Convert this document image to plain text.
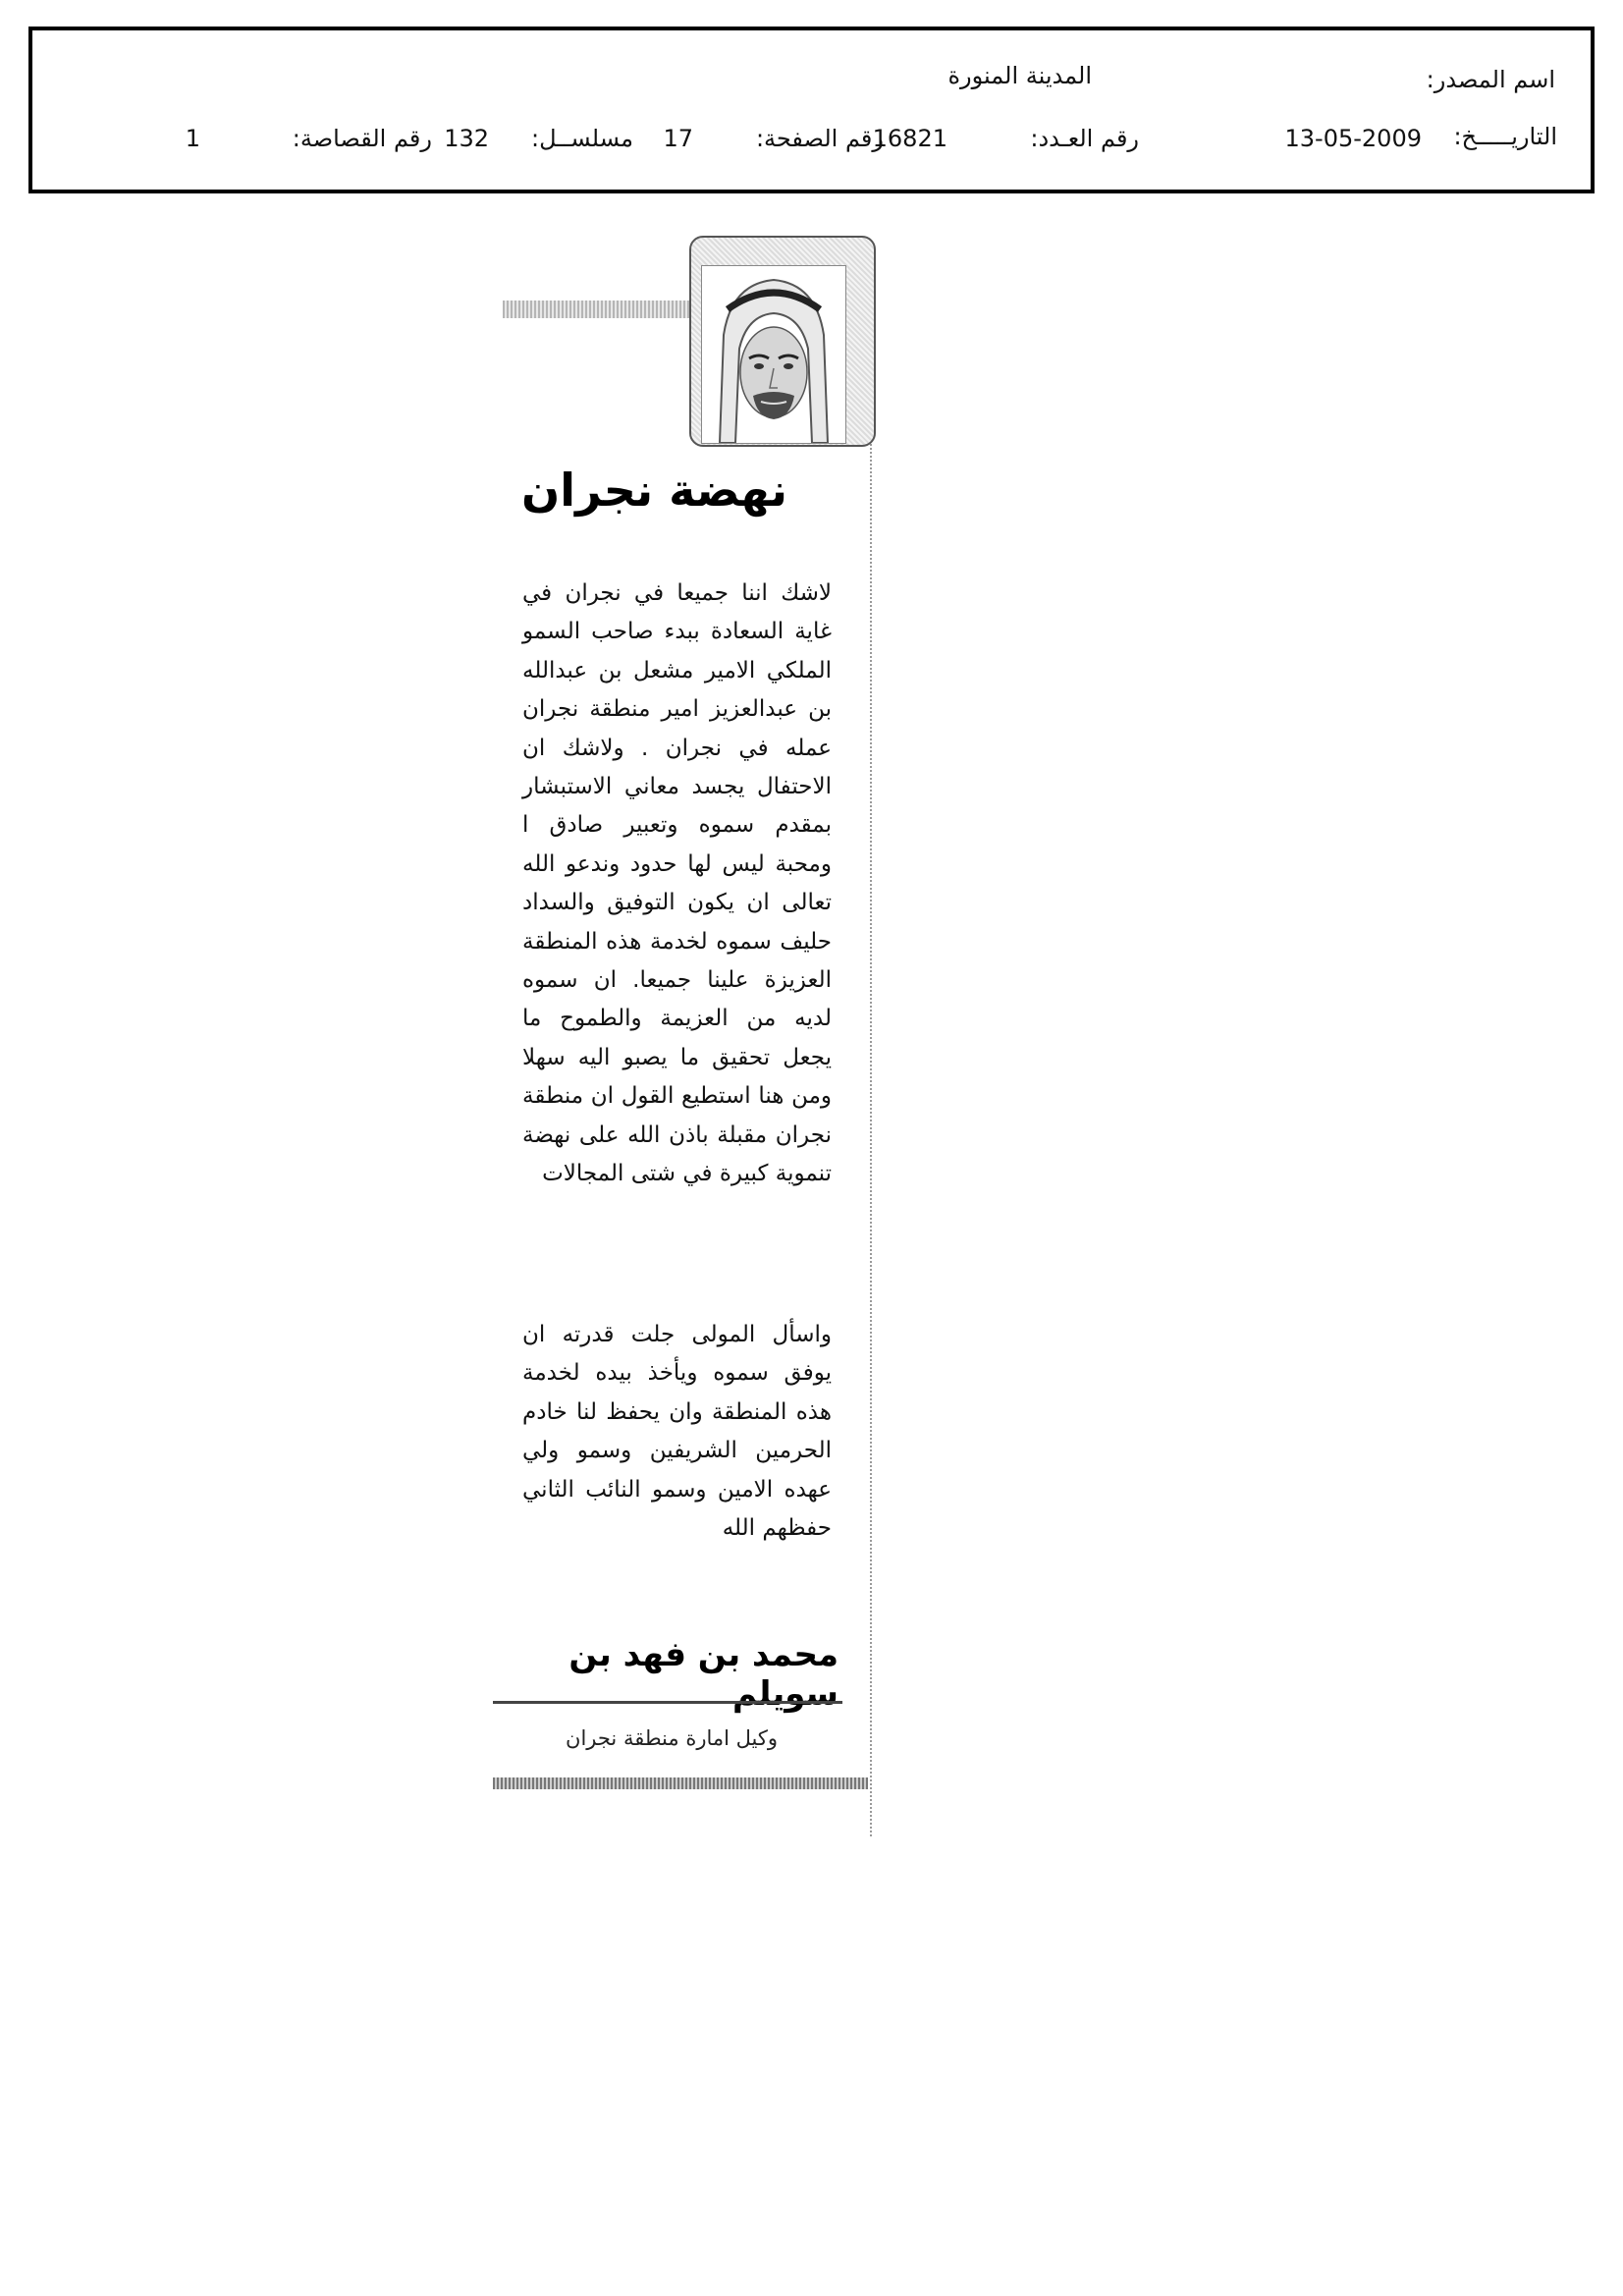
اسم المصدر:
المدينة المنورة
التاريـــــخ:
13-05-2009
رقم العـدد:
16821
رقم الصفحة:
17
مسلســل:
132
رقم القصاصة:
1
نهضة نجران

لاشك اننا جميعا في نجران في غاية السعادة ببدء صاحب السمو الملكي الامير مشعل بن عبدالله بن عبدالعزيز امير منطقة نجران عمله في نجران . ولاشك ان الاحتفال يجسد معاني الاستبشار بمقدم سموه وتعبير صادق ا ومحبة ليس لها حدود وندعو الله تعالى ان يكون التوفيق والسداد حليف سموه لخدمة هذه المنطقة العزيزة علينا جميعا. ان سموه لديه من العزيمة والطموح ما يجعل تحقيق ما يصبو اليه سهلا ومن هنا استطيع القول ان منطقة نجران مقبلة باذن الله على نهضة تنموية كبيرة في شتى المجالات

واسأل المولى جلت قدرته ان يوفق سموه ويأخذ بيده لخدمة هذه المنطقة وان يحفظ لنا خادم الحرمين الشريفين وسمو ولي عهده الامين وسمو النائب الثاني حفظهم الله

محمد بن فهد بن سويلم
وكيل امارة منطقة نجران
